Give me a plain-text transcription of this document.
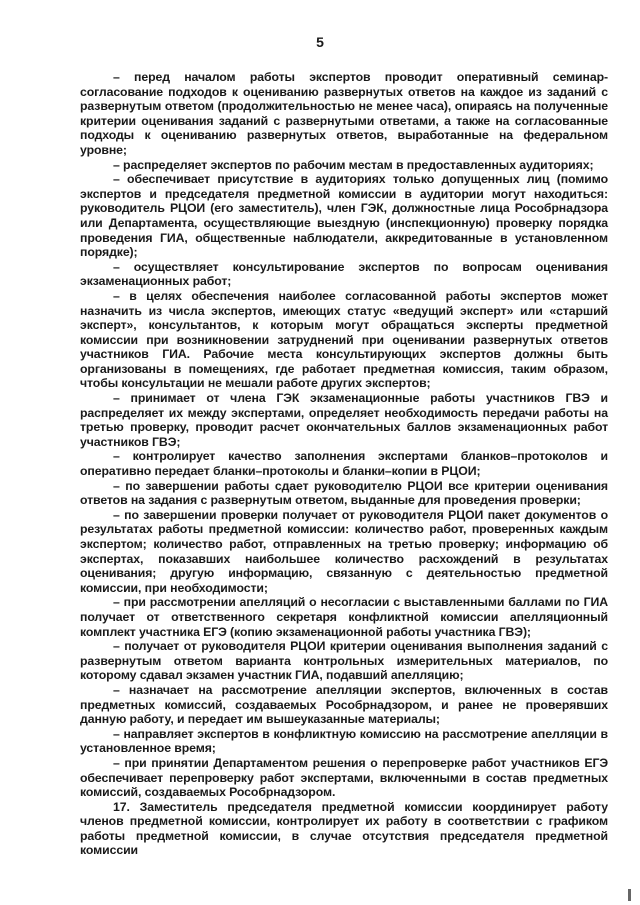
5

– перед началом работы экспертов проводит оперативный семинар-согласование подходов к оцениванию развернутых ответов на каждое из заданий с развернутым ответом (продолжительностью не менее часа), опираясь на полученные критерии оценивания заданий с развернутыми ответами, а также на согласованные подходы к оцениванию развернутых ответов, выработанные на федеральном уровне;

– распределяет экспертов по рабочим местам в предоставленных аудиториях;

– обеспечивает присутствие в аудиториях только допущенных лиц (помимо экспертов и председателя предметной комиссии в аудитории могут находиться: руководитель РЦОИ (его заместитель), член ГЭК, должностные лица Рособрнадзора или Департамента, осуществляющие выездную (инспекционную) проверку порядка проведения ГИА, общественные наблюдатели, аккредитованные в установленном порядке);

– осуществляет консультирование экспертов по вопросам оценивания экзаменационных работ;

– в целях обеспечения наиболее согласованной работы экспертов может назначить из числа экспертов, имеющих статус «ведущий эксперт» или «старший эксперт», консультантов, к которым могут обращаться эксперты предметной комиссии при возникновении затруднений при оценивании развернутых ответов участников ГИА. Рабочие места консультирующих экспертов должны быть организованы в помещениях, где работает предметная комиссия, таким образом, чтобы консультации не мешали работе других экспертов;

– принимает от члена ГЭК экзаменационные работы участников ГВЭ и распределяет их между экспертами, определяет необходимость передачи работы на третью проверку, проводит расчет окончательных баллов экзаменационных работ участников ГВЭ;

– контролирует качество заполнения экспертами бланков–протоколов и оперативно передает бланки–протоколы и бланки–копии в РЦОИ;

– по завершении работы сдает руководителю РЦОИ все критерии оценивания ответов на задания с развернутым ответом, выданные для проведения проверки;

– по завершении проверки получает от руководителя РЦОИ пакет документов о результатах работы предметной комиссии: количество работ, проверенных каждым экспертом; количество работ, отправленных на третью проверку; информацию об экспертах, показавших наибольшее количество расхождений в результатах оценивания; другую информацию, связанную с деятельностью предметной комиссии, при необходимости;

– при рассмотрении апелляций о несогласии с выставленными баллами по ГИА получает от ответственного секретаря конфликтной комиссии апелляционный комплект участника ЕГЭ (копию экзаменационной работы участника ГВЭ);

– получает от руководителя РЦОИ критерии оценивания выполнения заданий с развернутым ответом варианта контрольных измерительных материалов, по которому сдавал экзамен участник ГИА, подавший апелляцию;

– назначает на рассмотрение апелляции экспертов, включенных в состав предметных комиссий, создаваемых Рособрнадзором, и ранее не проверявших данную работу, и передает им вышеуказанные материалы;

– направляет экспертов в конфликтную комиссию на рассмотрение апелляции в установленное время;

– при принятии Департаментом решения о перепроверке работ участников ЕГЭ обеспечивает перепроверку работ экспертами, включенными в состав предметных комиссий, создаваемых Рособрнадзором.

17. Заместитель председателя предметной комиссии координирует работу членов предметной комиссии, контролирует их работу в соответствии с графиком работы предметной комиссии, в случае отсутствия председателя предметной комиссии
